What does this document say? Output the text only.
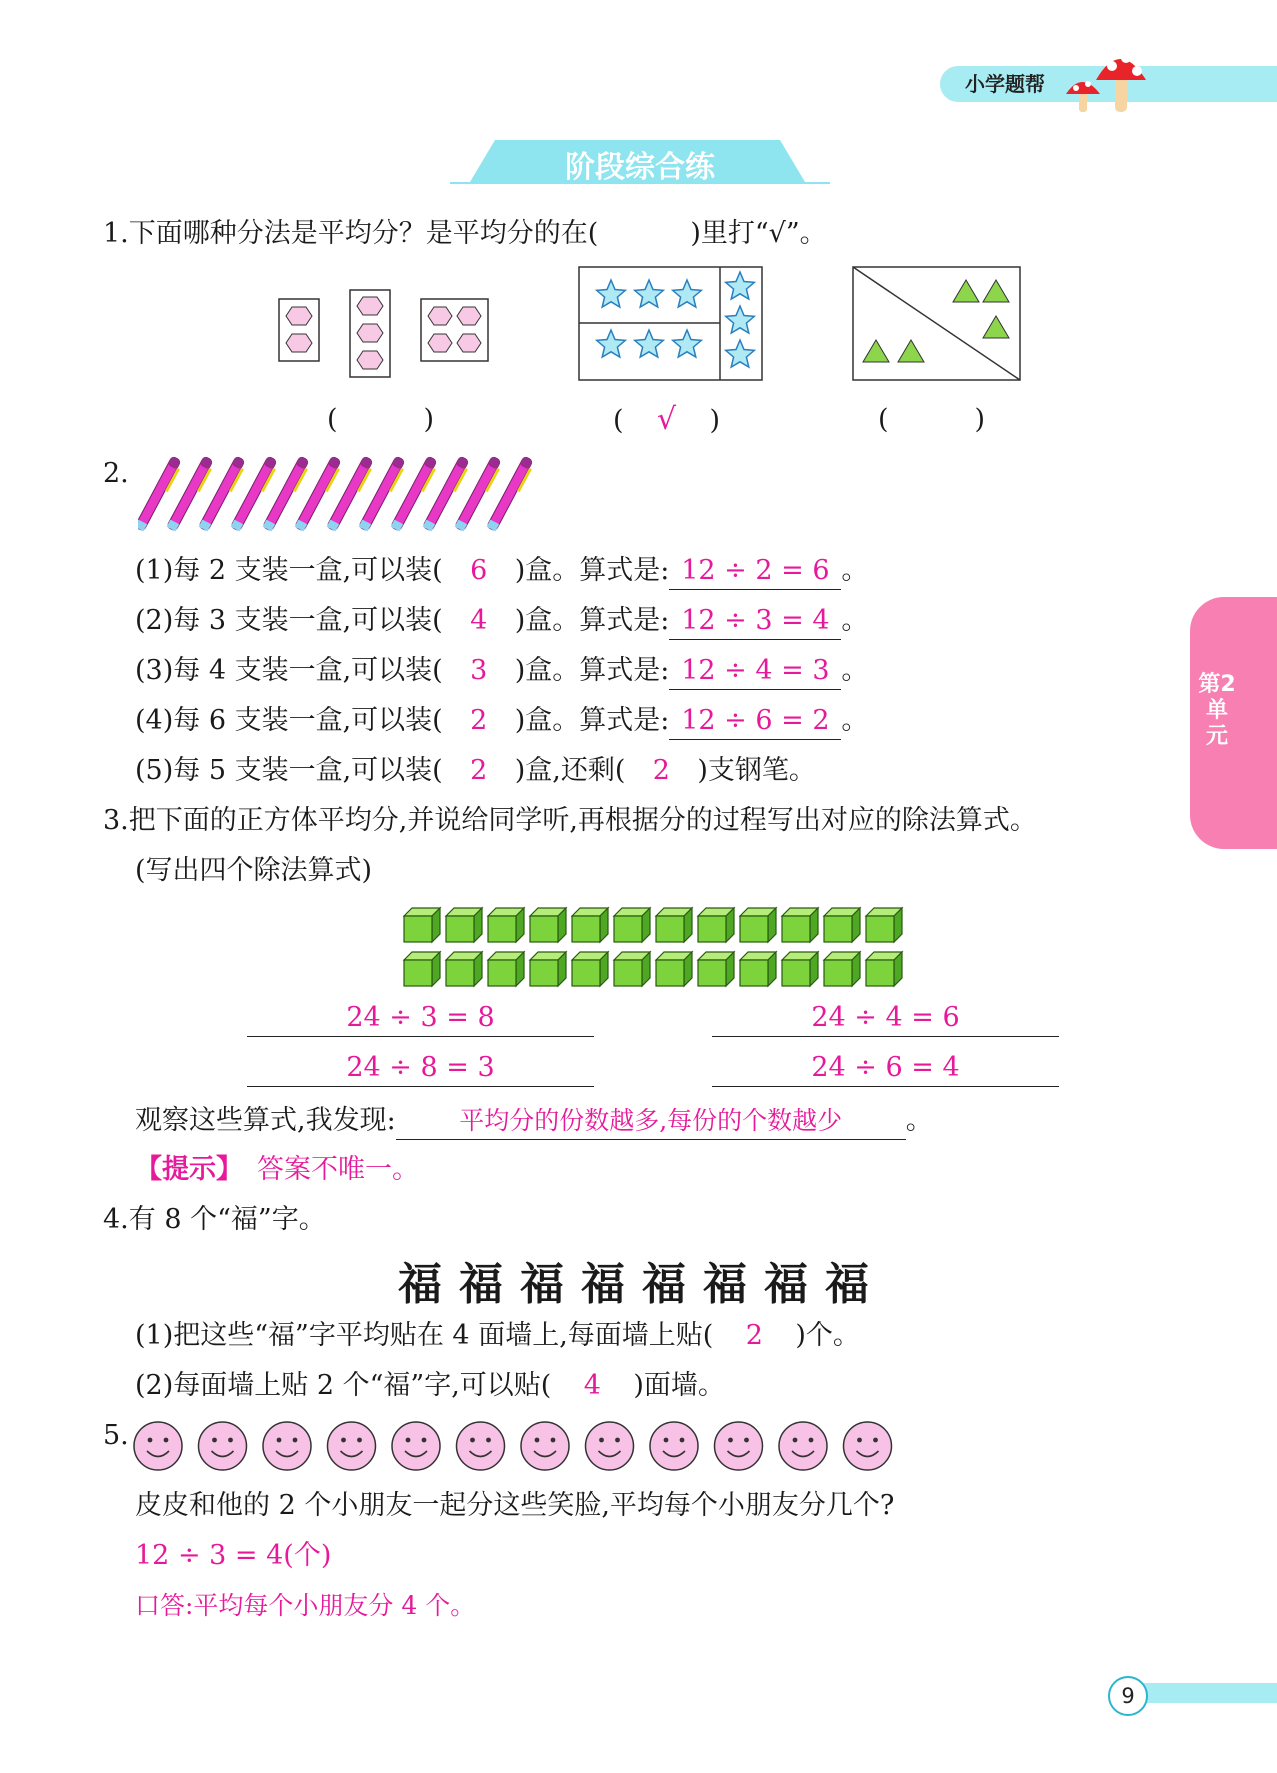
小学题帮
阶段综合练
第2单元
1.下面哪种分法是平均分？是平均分的在(	)里打“√”。
(	)	( √ )	(	)
2.
(1)每 2 支装一盒,可以装( 6 )盒。算式是: 12 ÷ 2 = 6 。
(2)每 3 支装一盒,可以装( 4 )盒。算式是: 12 ÷ 3 = 4 。
(3)每 4 支装一盒,可以装( 3 )盒。算式是: 12 ÷ 4 = 3 。
(4)每 6 支装一盒,可以装( 2 )盒。算式是: 12 ÷ 6 = 2 。
(5)每 5 支装一盒,可以装( 2 )盒,还剩( 2 )支钢笔。
3.把下面的正方体平均分,并说给同学听,再根据分的过程写出对应的除法算式。
(写出四个除法算式)
24 ÷ 3 = 8	24 ÷ 4 = 6
24 ÷ 8 = 3	24 ÷ 6 = 4
观察这些算式,我发现:	平均分的份数越多,每份的个数越少 。
【提示】 答案不唯一。
4.有 8 个“福”字。
福福福福福福福福
(1)把这些“福”字平均贴在 4 面墙上,每面墙上贴( 2 )个。
(2)每面墙上贴 2 个“福”字,可以贴( 4 )面墙。
5.
皮皮和他的 2 个小朋友一起分这些笑脸,平均每个小朋友分几个?
12 ÷ 3 = 4(个)
口答:平均每个小朋友分 4 个。
9
